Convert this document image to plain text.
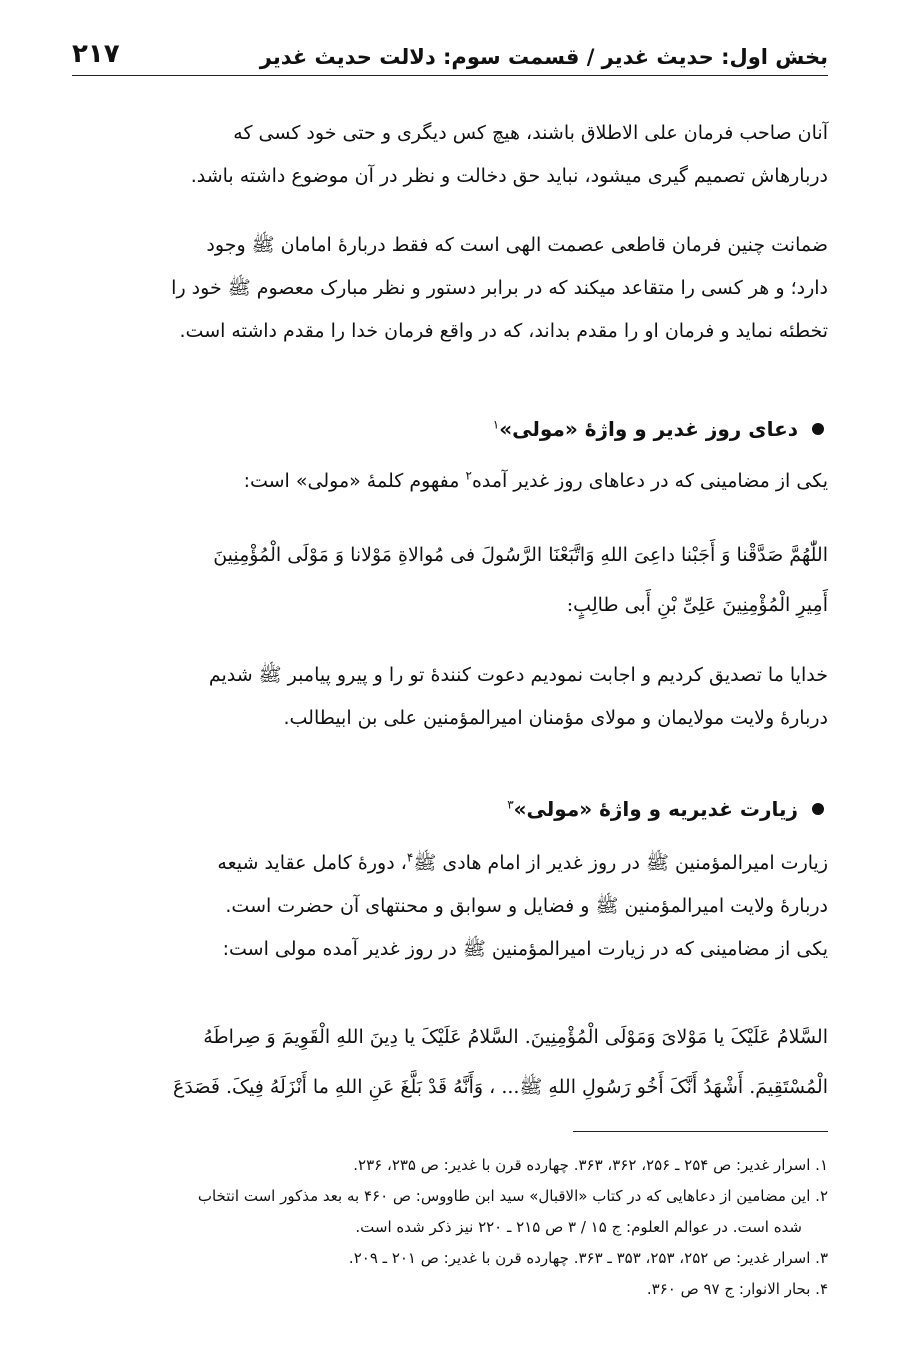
بخش اول: حدیث غدیر / قسمت سوم: دلالت حدیث غدیر
۲۱۷

آنان صاحب فرمان علی الاطلاق باشند، هیچ کس دیگری و حتی خود کسی که

دربارهاش تصمیم گیری میشود، نباید حق دخالت و نظر در آن موضوع داشته باشد.

ضمانت چنین فرمان قاطعی عصمت الهی است که فقط دربارهٔ امامان ﷺ وجود

دارد؛ و هر کسی را متقاعد میکند که در برابر دستور و نظر مبارک معصوم ﷺ خود را

تخطئه نماید و فرمان او را مقدم بداند، که در واقع فرمان خدا را مقدم داشته است.

دعای روز غدیر و واژهٔ «مولی»$^۱$
یکی از مضامینی که در دعاهای روز غدیر آمده$^۲$ مفهوم کلمهٔ «مولی» است:
اللّٰهُمَّ صَدَّقْنا وَ أَجَبْنا داعِیَ اللهِ وَاتَّبَعْنَا الرَّسُولَ فی مُوالاةِ مَوْلانا وَ مَوْلَی الْمُؤْمِنِینَ
أَمِیرِ الْمُؤْمِنِینَ عَلِیِّ بْنِ أَبی طالِبٍ:

خدایا ما تصدیق کردیم و اجابت نمودیم دعوت کنندهٔ تو را و پیرو پیامبر ﷺ شدیم

دربارهٔ ولایت مولایمان و مولای مؤمنان امیرالمؤمنین علی بن ابیطالب.

زیارت غدیریه و واژهٔ «مولی»$^۳$

زیارت امیرالمؤمنین ﷺ در روز غدیر از امام هادی ﷺ$^۴$، دورهٔ کامل عقاید شیعه

دربارهٔ ولایت امیرالمؤمنین ﷺ و فضایل و سوابق و محنتهای آن حضرت است.

یکی از مضامینی که در زیارت امیرالمؤمنین ﷺ در روز غدیر آمده مولی است:

السَّلامُ عَلَیْکَ یا مَوْلایَ وَمَوْلَی الْمُؤْمِنِینَ. السَّلامُ عَلَیْکَ یا دِینَ اللهِ الْقَوِیمَ وَ صِراطَهُ
الْمُسْتَقِیمَ. أَشْهَدُ أَنَّکَ أَخُو رَسُولِ اللهِ ﷺ... ، وَأَنَّهُ قَدْ بَلَّغَ عَنِ اللهِ ما أَنْزَلَهُ فِیکَ. فَصَدَعَ

۱. اسرار غدیر: ص ۲۵۴ ـ ۲۵۶، ۳۶۲، ۳۶۳. چهارده قرن با غدیر: ص ۲۳۵، ۲۳۶.

۲. این مضامین از دعاهایی که در کتاب «الاقبال» سید ابن طاووس: ص ۴۶۰ به بعد مذکور است انتخاب

شده است. در عوالم العلوم: ج ۱۵ / ۳ ص ۲۱۵ ـ ۲۲۰ نیز ذکر شده است.

۳. اسرار غدیر: ص ۲۵۲، ۲۵۳، ۳۵۳ ـ ۳۶۳. چهارده قرن با غدیر: ص ۲۰۱ ـ ۲۰۹.

۴. بحار الانوار: ج ۹۷ ص ۳۶۰.
